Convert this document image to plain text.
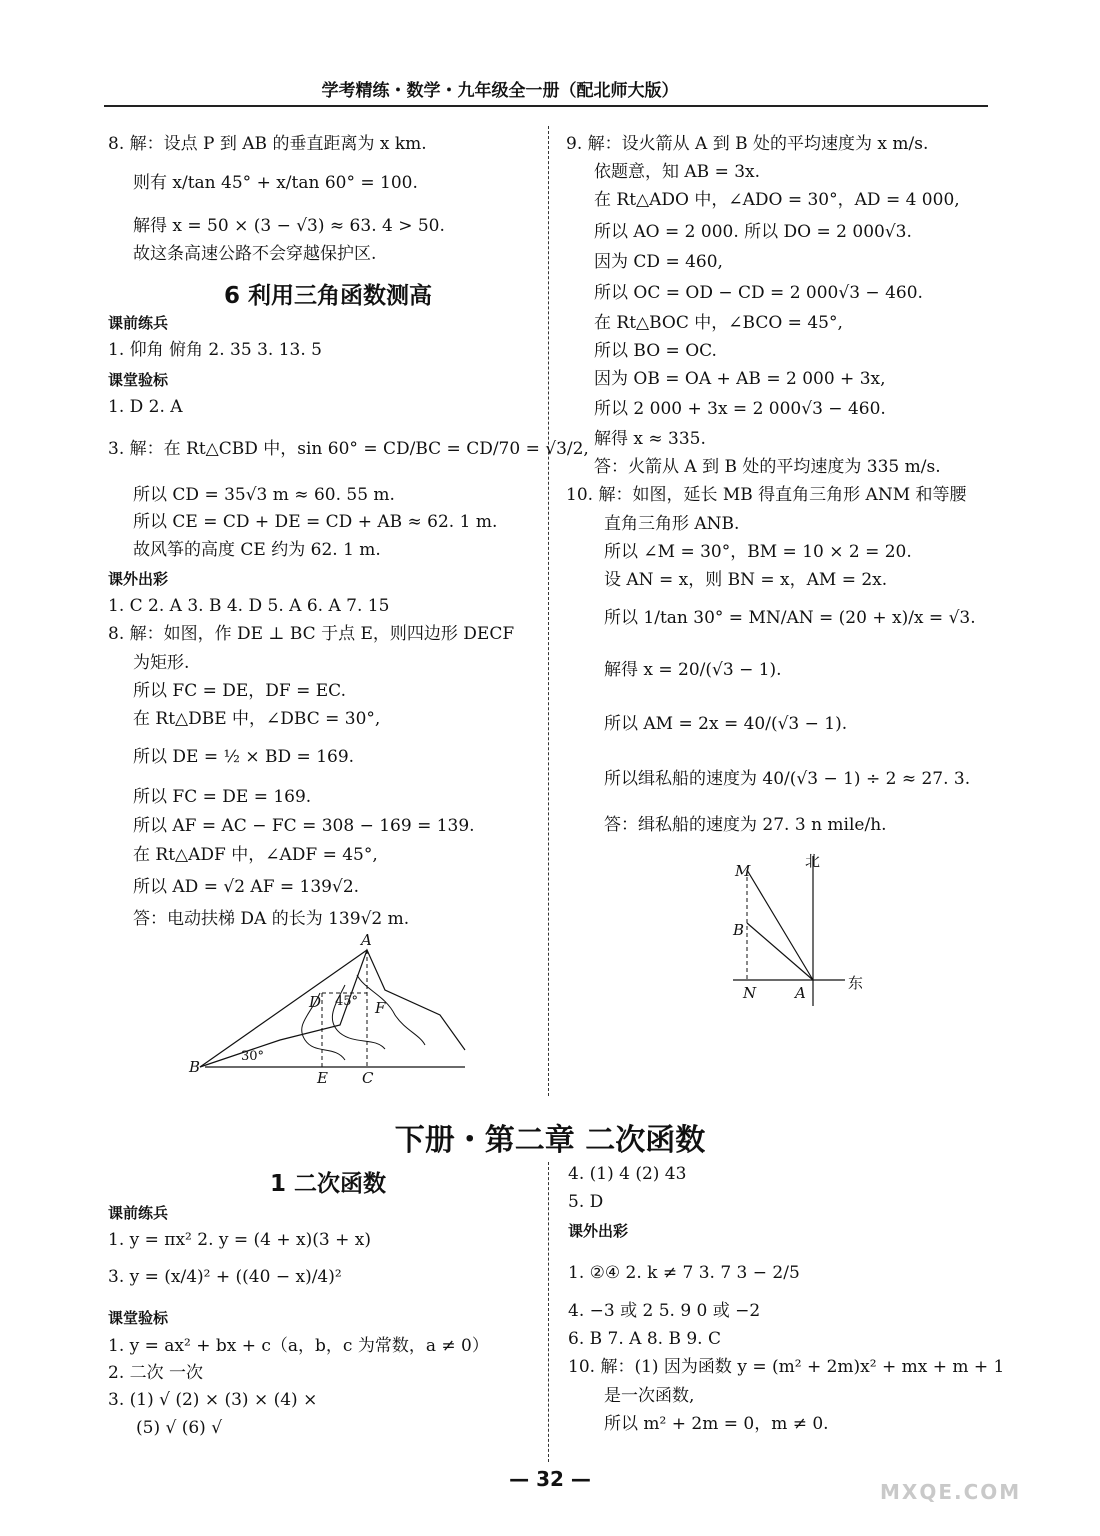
学考精练・数学・九年级全一册（配北师大版）
8. 解：设点 P 到 AB 的垂直距离为 x km.
则有 x/tan 45° + x/tan 60° = 100.
解得 x = 50 × (3 − √3) ≈ 63. 4 > 50.
故这条高速公路不会穿越保护区.
1. 仰角 俯角 2. 35 3. 13. 5
1. D 2. A
3. 解：在 Rt△CBD 中，sin 60° = CD/BC = CD/70 = √3/2,
所以 CD = 35√3 m ≈ 60. 55 m.
所以 CE = CD + DE = CD + AB ≈ 62. 1 m.
故风筝的高度 CE 约为 62. 1 m.
1. C 2. A 3. B 4. D 5. A 6. A 7. 15
8. 解：如图，作 DE ⊥ BC 于点 E，则四边形 DECF
为矩形.
所以 FC = DE，DF = EC.
在 Rt△DBE 中，∠DBC = 30°,
所以 DE = ½ × BD = 169.
所以 FC = DE = 169.
所以 AF = AC − FC = 308 − 169 = 139.
在 Rt△ADF 中，∠ADF = 45°,
所以 AD = √2 AF = 139√2.
答：电动扶梯 DA 的长为 139√2 m.
课前练兵
课堂验标
课外出彩
9. 解：设火箭从 A 到 B 处的平均速度为 x m/s.
依题意，知 AB = 3x.
在 Rt△ADO 中，∠ADO = 30°，AD = 4 000,
所以 AO = 2 000. 所以 DO = 2 000√3.
因为 CD = 460,
所以 OC = OD − CD = 2 000√3 − 460.
在 Rt△BOC 中，∠BCO = 45°,
所以 BO = OC.
因为 OB = OA + AB = 2 000 + 3x,
所以 2 000 + 3x = 2 000√3 − 460.
解得 x ≈ 335.
答：火箭从 A 到 B 处的平均速度为 335 m/s.
10. 解：如图，延长 MB 得直角三角形 ANM 和等腰
直角三角形 ANB.
所以 ∠M = 30°，BM = 10 × 2 = 20.
设 AN = x，则 BN = x，AM = 2x.
所以 1/tan 30° = MN/AN = (20 + x)/x = √3.
解得 x = 20/(√3 − 1).
所以 AM = 2x = 40/(√3 − 1).
所以缉私船的速度为 40/(√3 − 1) ÷ 2 ≈ 27. 3.
答：缉私船的速度为 27. 3 n mile/h.
1. y = πx² 2. y = (4 + x)(3 + x)
3. y = (x/4)² + ((40 − x)/4)²
1. y = ax² + bx + c（a，b，c 为常数，a ≠ 0）
2. 二次 一次
3. (1) √ (2) × (3) × (4) ×
(5) √ (6) √
课前练兵
课堂验标
4. (1) 4 (2) 43
5. D
1. ②④ 2. k ≠ 7 3. 7 3 − 2/5
4. −3 或 2 5. 9 0 或 −2
6. B 7. A 8. B 9. C
10. 解：(1) 因为函数 y = (m² + 2m)x² + mx + m + 1
是一次函数,
所以 m² + 2m = 0，m ≠ 0.
课外出彩
6 利用三角函数测高
下册・第二章 二次函数
1 二次函数
— 32 —
MXQE.COM
A
B
C
D
E
F
30°
45°
M
B
N	A
北
东
